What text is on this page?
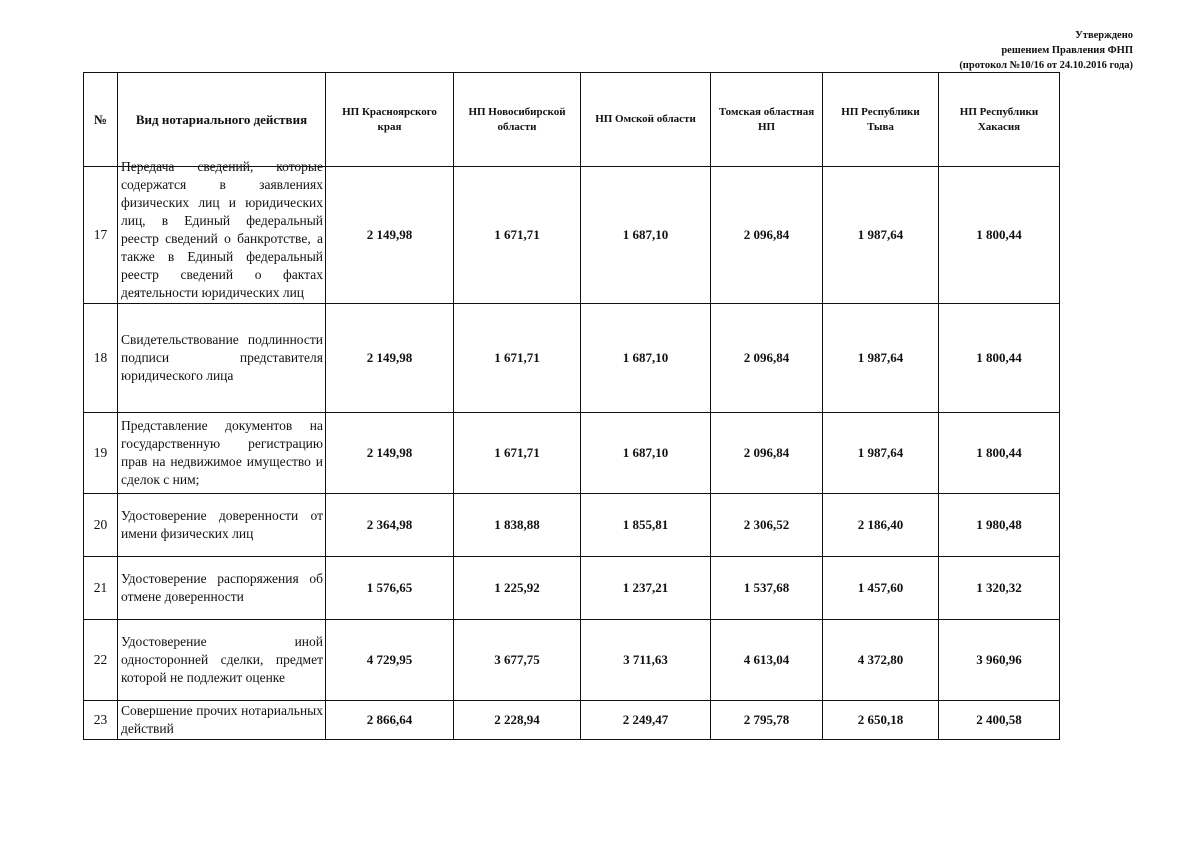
Утверждено
решением Правления ФНП
(протокол №10/16 от 24.10.2016 года)
№	Вид нотариального действия	НП Красноярского края	НП Новосибирской области	НП Омской области	Томская областная НП	НП Республики Тыва	НП Республики Хакасия
17	Передача сведений, которые содержатся в заявлениях физических лиц и юридических лиц, в Единый федеральный реестр сведений о банкротстве, а также в Единый федеральный реестр сведений о фактах деятельности юридических лиц	2 149,98	1 671,71	1 687,10	2 096,84	1 987,64	1 800,44
18	Свидетельствование подлинности подписи представителя юридического лица	2 149,98	1 671,71	1 687,10	2 096,84	1 987,64	1 800,44
19	Представление документов на государственную регистрацию прав на недвижимое имущество и сделок с ним;	2 149,98	1 671,71	1 687,10	2 096,84	1 987,64	1 800,44
20	Удостоверение доверенности от имени физических лиц	2 364,98	1 838,88	1 855,81	2 306,52	2 186,40	1 980,48
21	Удостоверение распоряжения об отмене доверенности	1 576,65	1 225,92	1 237,21	1 537,68	1 457,60	1 320,32
22	Удостоверение иной односторонней сделки, предмет которой не подлежит оценке	4 729,95	3 677,75	3 711,63	4 613,04	4 372,80	3 960,96
23	Совершение прочих нотариальных действий	2 866,64	2 228,94	2 249,47	2 795,78	2 650,18	2 400,58
